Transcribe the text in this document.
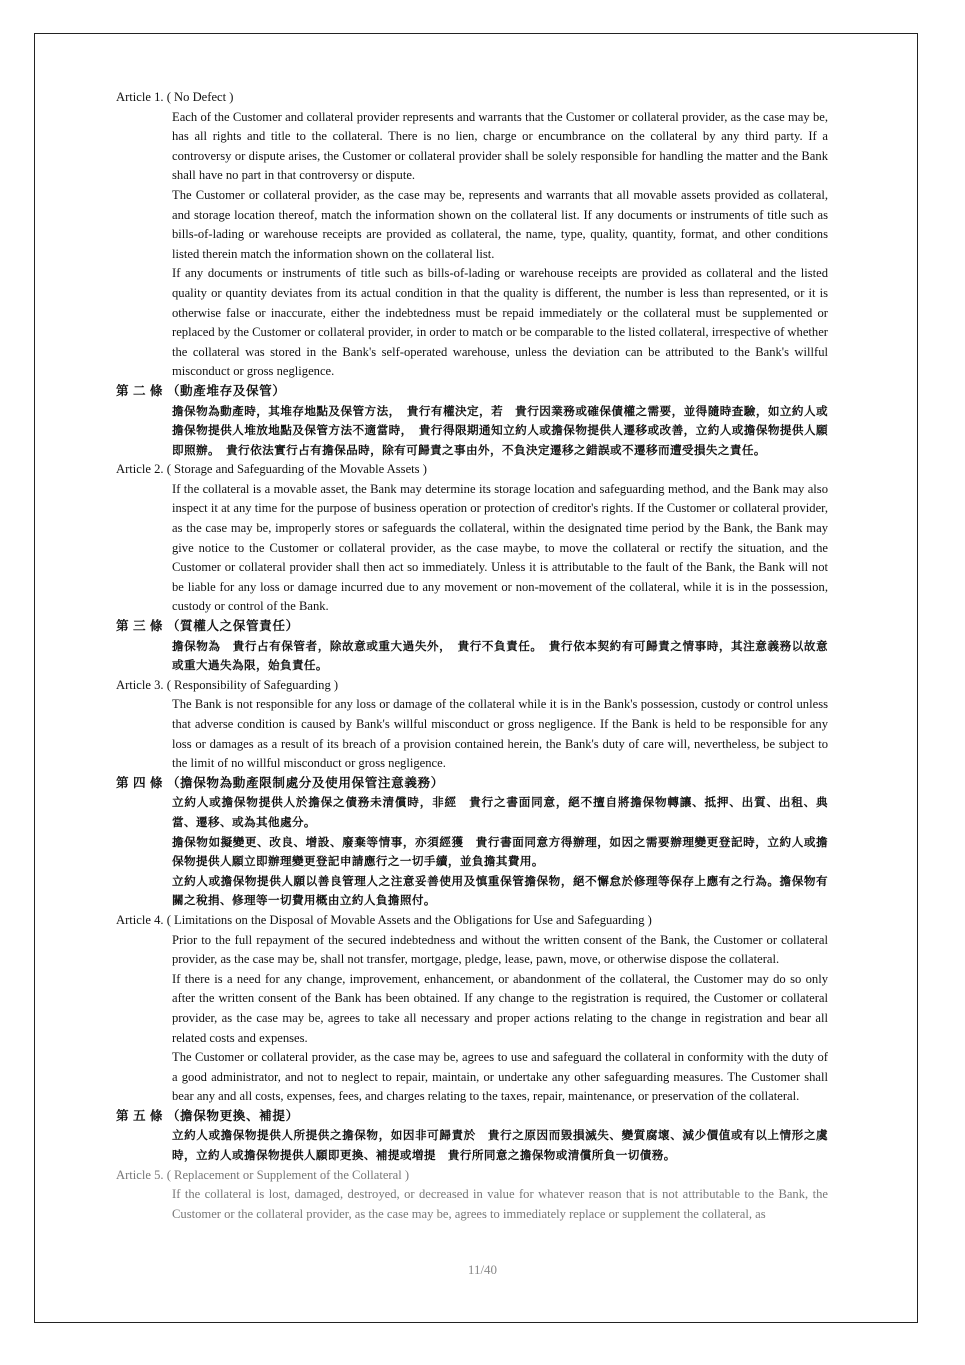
Article 1. ( No Defect )

Each of the Customer and collateral provider represents and warrants that the Customer or collateral provider, as the case may be, has all rights and title to the collateral. There is no lien, charge or encumbrance on the collateral by any third party. If a controversy or dispute arises, the Customer or collateral provider shall be solely responsible for handling the matter and the Bank shall have no part in that controversy or dispute.

The Customer or collateral provider, as the case may be, represents and warrants that all movable assets provided as collateral, and storage location thereof, match the information shown on the collateral list. If any documents or instruments of title such as bills-of-lading or warehouse receipts are provided as collateral, the name, type, quality, quantity, format, and other conditions listed therein match the information shown on the collateral list.

If any documents or instruments of title such as bills-of-lading or warehouse receipts are provided as collateral and the listed quality or quantity deviates from its actual condition in that the quality is different, the number is less than represented, or it is otherwise false or inaccurate, either the indebtedness must be repaid immediately or the collateral must be supplemented or replaced by the Customer or collateral provider, in order to match or be comparable to the listed collateral, irrespective of whether the collateral was stored in the Bank's self-operated warehouse, unless the deviation can be attributed to the Bank's willful misconduct or gross negligence.

第 二 條 （動產堆存及保管）

擔保物為動產時，其堆存地點及保管方法，　貴行有權決定，若　貴行因業務或確保債權之需要，並得隨時查驗，如立約人或擔保物提供人堆放地點及保管方法不適當時，　貴行得限期通知立約人或擔保物提供人遷移或改善，立約人或擔保物提供人願即照辦。　貴行依法實行占有擔保品時，除有可歸責之事由外，不負決定遷移之錯誤或不遷移而遭受損失之責任。

Article 2. ( Storage and Safeguarding of the Movable Assets )

If the collateral is a movable asset, the Bank may determine its storage location and safeguarding method, and the Bank may also inspect it at any time for the purpose of business operation or protection of creditor's rights. If the Customer or collateral provider, as the case may be, improperly stores or safeguards the collateral, within the designated time period by the Bank, the Bank may give notice to the Customer or collateral provider, as the case maybe, to move the collateral or rectify the situation, and the Customer or collateral provider shall then act so immediately. Unless it is attributable to the fault of the Bank, the Bank will not be liable for any loss or damage incurred due to any movement or non-movement of the collateral, while it is in the possession, custody or control of the Bank.

第 三 條 （質權人之保管責任）

擔保物為　貴行占有保管者，除故意或重大過失外，　貴行不負責任。　貴行依本契約有可歸責之情事時，其注意義務以故意或重大過失為限，始負責任。

Article 3. ( Responsibility of Safeguarding )

The Bank is not responsible for any loss or damage of the collateral while it is in the Bank's possession, custody or control unless that adverse condition is caused by Bank's willful misconduct or gross negligence. If the Bank is held to be responsible for any loss or damages as a result of its breach of a provision contained herein, the Bank's duty of care will, nevertheless, be subject to the limit of no willful misconduct or gross negligence.

第 四 條 （擔保物為動產限制處分及使用保管注意義務）

立約人或擔保物提供人於擔保之債務未清償時，非經　貴行之書面同意，絕不擅自將擔保物轉讓、抵押、出質、出租、典當、遷移、或為其他處分。

擔保物如擬變更、改良、增設、廢棄等情事，亦須經獲　貴行書面同意方得辦理，如因之需要辦理變更登記時，立約人或擔保物提供人願立即辦理變更登記申請應行之一切手續，並負擔其費用。

立約人或擔保物提供人願以善良管理人之注意妥善使用及慎重保管擔保物，絕不懈怠於修理等保存上應有之行為。擔保物有關之稅捐、修理等一切費用概由立約人負擔照付。

Article 4. ( Limitations on the Disposal of Movable Assets and the Obligations for Use and Safeguarding )

Prior to the full repayment of the secured indebtedness and without the written consent of the Bank, the Customer or collateral provider, as the case may be, shall not transfer, mortgage, pledge, lease, pawn, move, or otherwise dispose the collateral.

If there is a need for any change, improvement, enhancement, or abandonment of the collateral, the Customer may do so only after the written consent of the Bank has been obtained. If any change to the registration is required, the Customer or collateral provider, as the case may be, agrees to take all necessary and proper actions relating to the change in registration and bear all related costs and expenses.

The Customer or collateral provider, as the case may be, agrees to use and safeguard the collateral in conformity with the duty of a good administrator, and not to neglect to repair, maintain, or undertake any other safeguarding measures. The Customer shall bear any and all costs, expenses, fees, and charges relating to the taxes, repair, maintenance, or preservation of the collateral.

第 五 條 （擔保物更換、補提）

立約人或擔保物提供人所提供之擔保物，如因非可歸責於　貴行之原因而毀損滅失、變質腐壞、減少價值或有以上情形之虞時，立約人或擔保物提供人願即更換、補提或増提　貴行所同意之擔保物或清償所負一切債務。

Article 5. ( Replacement or Supplement of the Collateral )

If the collateral is lost, damaged, destroyed, or decreased in value for whatever reason that is not attributable to the Bank, the Customer or the collateral provider, as the case may be, agrees to immediately replace or supplement the collateral, as

11/40
